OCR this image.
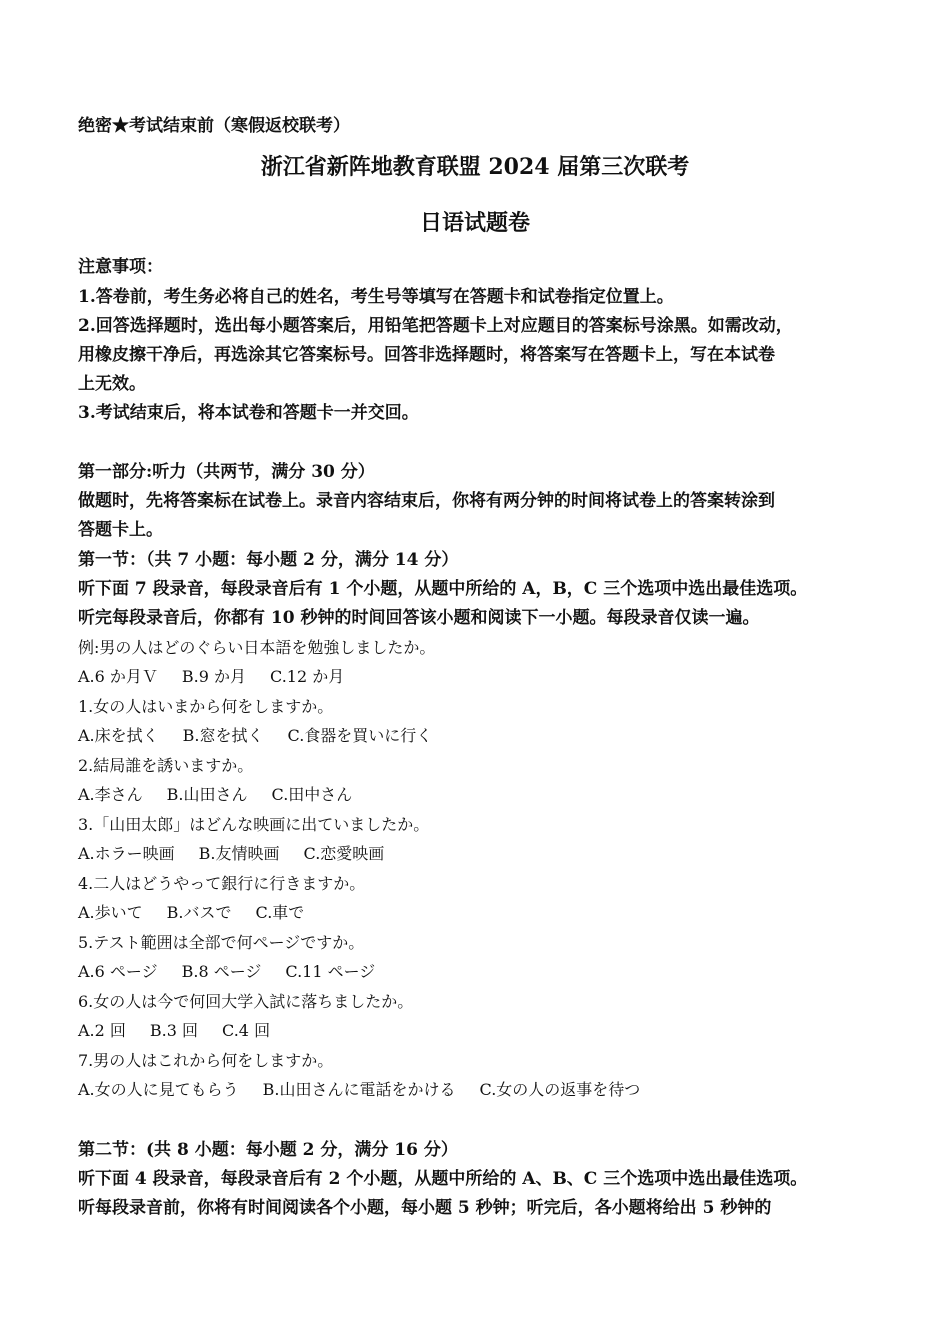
绝密★考试结束前（寒假返校联考）
浙江省新阵地教育联盟 2024 届第三次联考
日语试题卷
注意事项：
1.答卷前，考生务必将自己的姓名，考生号等填写在答题卡和试卷指定位置上。
2.回答选择题时，选出每小题答案后，用铅笔把答题卡上对应题目的答案标号涂黑。如需改动，
用橡皮擦干净后，再选涂其它答案标号。回答非选择题时，将答案写在答题卡上，写在本试卷
上无效。
3.考试结束后，将本试卷和答题卡一并交回。
第一部分:听力（共两节，满分 30 分）
做题时，先将答案标在试卷上。录音内容结束后，你将有两分钟的时间将试卷上的答案转涂到
答题卡上。
第一节：（共 7 小题：每小题 2 分，满分 14 分）
听下面 7 段录音，每段录音后有 1 个小题，从题中所给的 A，B，C 三个选项中选出最佳选项。
听完每段录音后，你都有 10 秒钟的时间回答该小题和阅读下一小题。每段录音仅读一遍。
例:男の人はどのぐらい日本語を勉強しましたか。
A.6 か月Ｖ B.9 か月 C.12 か月
1.女の人はいまから何をしますか。
A.床を拭く B.窓を拭く C.食器を買いに行く
2.結局誰を誘いますか。
A.李さん B.山田さん C.田中さん
3.「山田太郎」はどんな映画に出ていましたか。
A.ホラー映画 B.友情映画 C.恋愛映画
4.二人はどうやって銀行に行きますか。
A.歩いて B.バスで C.車で
5.テスト範囲は全部で何ページですか。
A.6 ページ B.8 ページ C.11 ページ
6.女の人は今で何回大学入試に落ちましたか。
A.2 回 B.3 回 C.4 回
7.男の人はこれから何をしますか。
A.女の人に見てもらう B.山田さんに電話をかける C.女の人の返事を待つ
第二节：(共 8 小题：每小题 2 分，满分 16 分）
听下面 4 段录音，每段录音后有 2 个小题，从题中所给的 A、B、C 三个选项中选出最佳选项。
听每段录音前，你将有时间阅读各个小题，每小题 5 秒钟；听完后，各小题将给出 5 秒钟的
